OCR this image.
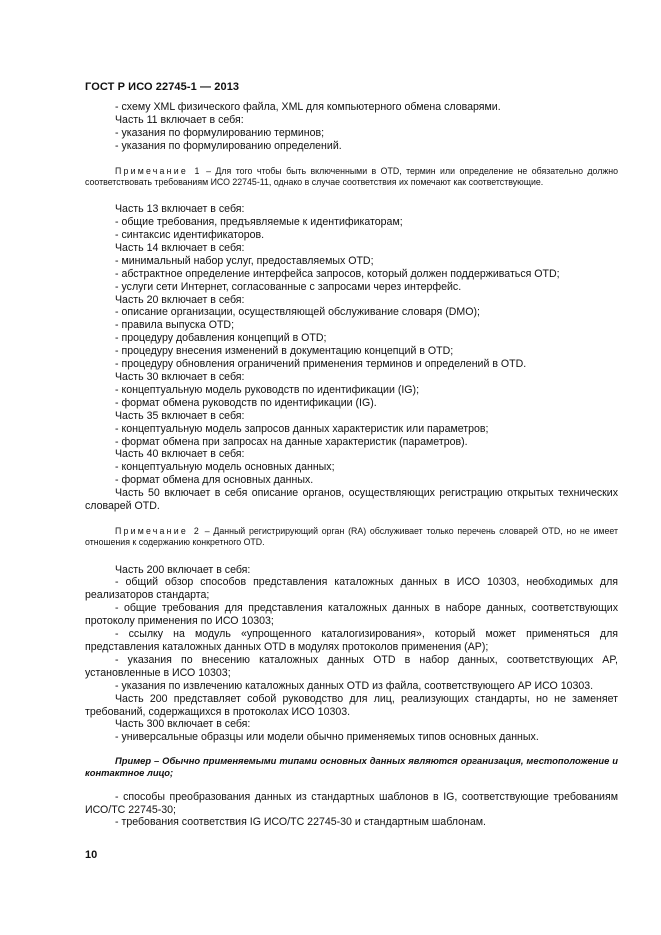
ГОСТ Р ИСО 22745-1 — 2013

- схему XML физического файла, XML для компьютерного обмена словарями.

Часть 11 включает в себя:

- указания по формулированию терминов;

- указания по формулированию определений.

Примечание 1 – Для того чтобы быть включенными в OTD, термин или определение не обязательно должно соответствовать требованиям ИСО 22745-11, однако в случае соответствия их помечают как соответствующие.

Часть 13 включает в себя:

- общие требования, предъявляемые к идентификаторам;

- синтаксис идентификаторов.

Часть 14 включает в себя:

- минимальный набор услуг, предоставляемых OTD;

- абстрактное определение интерфейса запросов, который должен поддерживаться OTD;

- услуги сети Интернет, согласованные с запросами через интерфейс.

Часть 20 включает в себя:

- описание организации, осуществляющей обслуживание словаря (DMO);

- правила выпуска OTD;

- процедуру добавления концепций в OTD;

- процедуру внесения изменений в документацию концепций в OTD;

- процедуру обновления ограничений применения терминов и определений в OTD.

Часть 30 включает в себя:

- концептуальную модель руководств по идентификации (IG);

- формат обмена руководств по идентификации (IG).

Часть 35 включает в себя:

- концептуальную модель запросов данных характеристик или параметров;

- формат обмена при запросах на данные характеристик (параметров).

Часть 40 включает в себя:

- концептуальную модель основных данных;

- формат обмена для основных данных.

Часть 50 включает в себя описание органов, осуществляющих регистрацию открытых технических словарей OTD.

Примечание 2 – Данный регистрирующий орган (RA) обслуживает только перечень словарей OTD, но не имеет отношения к содержанию конкретного OTD.

Часть 200 включает в себя:

- общий обзор способов представления каталожных данных в ИСО 10303, необходимых для реализаторов стандарта;

- общие требования для представления каталожных данных в наборе данных, соответствующих протоколу применения по ИСО 10303;

- ссылку на модуль «упрощенного каталогизирования», который может применяться для представления каталожных данных OTD в модулях протоколов применения (AP);

- указания по внесению каталожных данных OTD в набор данных, соответствующих AP, установленные в ИСО 10303;

- указания по извлечению каталожных данных OTD из файла, соответствующего AP ИСО 10303.

Часть 200 представляет собой руководство для лиц, реализующих стандарты, но не заменяет требований, содержащихся в протоколах ИСО 10303.

Часть 300 включает в себя:

- универсальные образцы или модели обычно применяемых типов основных данных.

Пример – Обычно применяемыми типами основных данных являются организация, местоположение и контактное лицо;

- способы преобразования данных из стандартных шаблонов в IG, соответствующие требованиям ИСО/ТС 22745-30;

- требования соответствия IG ИСО/ТС 22745-30 и стандартным шаблонам.

10
